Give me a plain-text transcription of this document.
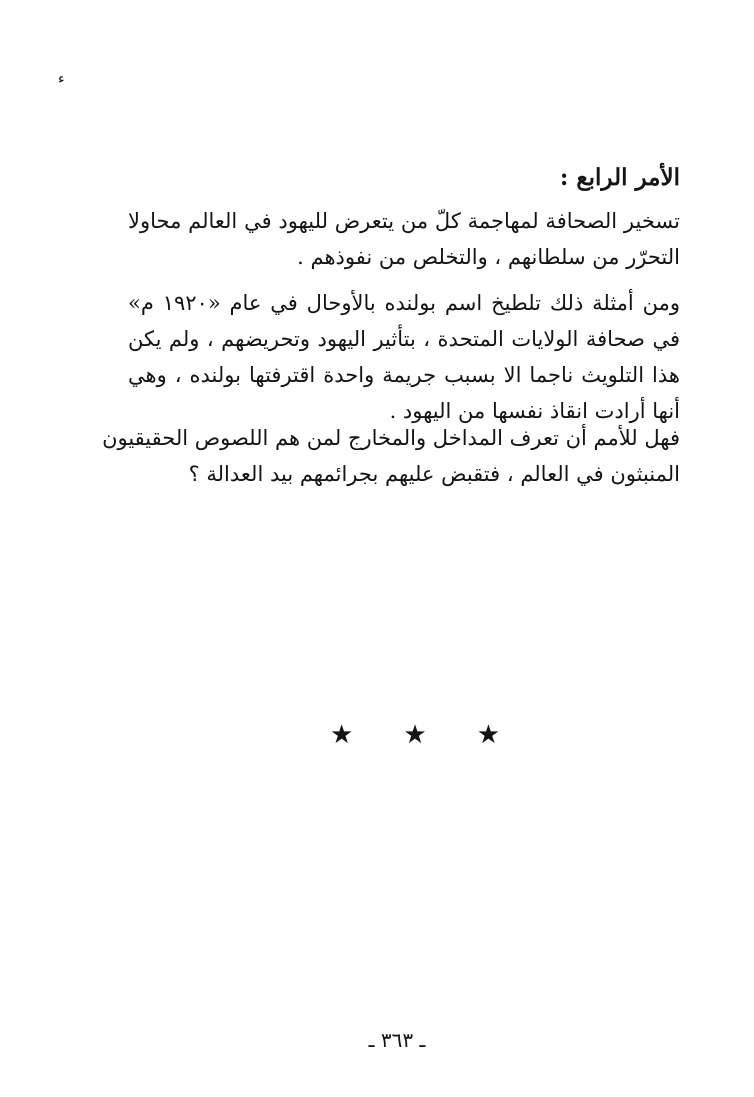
ء
الأمر الرابع :
تسخير الصحافة لمهاجمة كلّ من يتعرض لليهود في العالم محاولا
التحرّر من سلطانهم ، والتخلص من نفوذهم .
ومن أمثلة ذلك تلطيخ اسم بولنده بالأوحال في عام «١٩٢٠ م»
في صحافة الولايات المتحدة ، بتأثير اليهود وتحريضهم ، ولم يكن
هذا التلويث ناجما الا بسبب جريمة واحدة اقترفتها بولنده ، وهي
أنها أرادت انقاذ نفسها من اليهود .
فهل للأمم أن تعرف المداخل والمخارج لمن هم اللصوص الحقيقيون
المنبثون في العالم ، فتقبض عليهم بجرائمهم بيد العدالة ؟
★ ★ ★
ـ ٣٦٣ ـ
